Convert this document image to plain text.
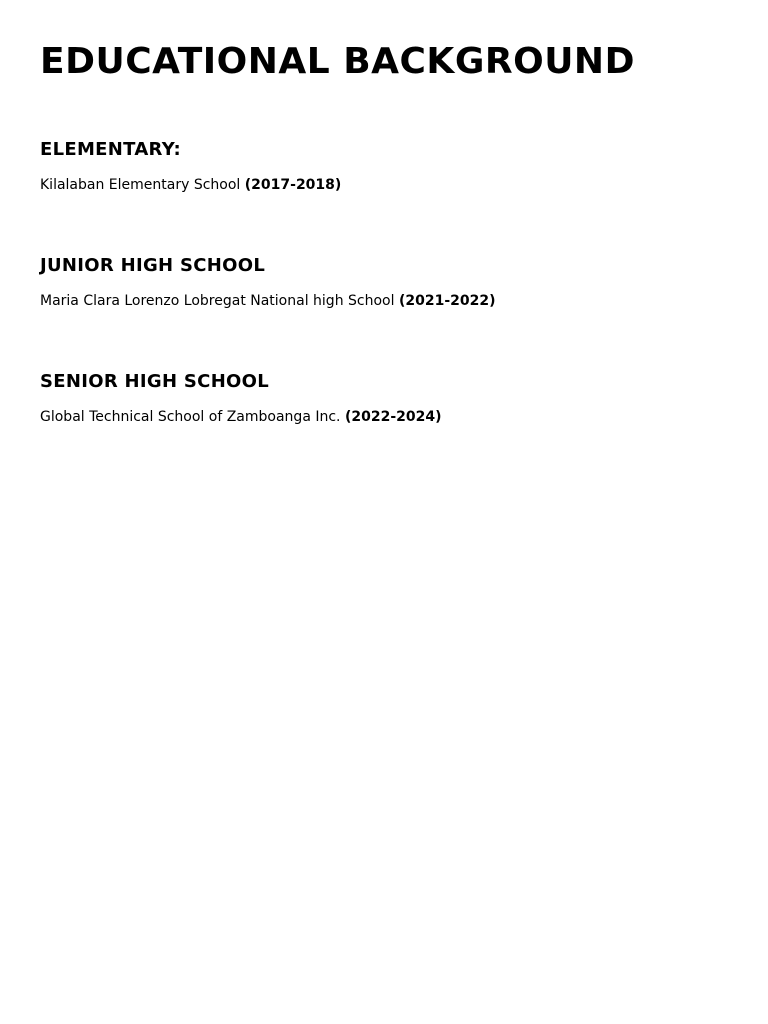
EDUCATIONAL BACKGROUND
ELEMENTARY:

Kilalaban Elementary School (2017-2018)

JUNIOR HIGH SCHOOL

Maria Clara Lorenzo Lobregat National high School (2021-2022)

SENIOR HIGH SCHOOL

Global Technical School of Zamboanga Inc. (2022-2024)
